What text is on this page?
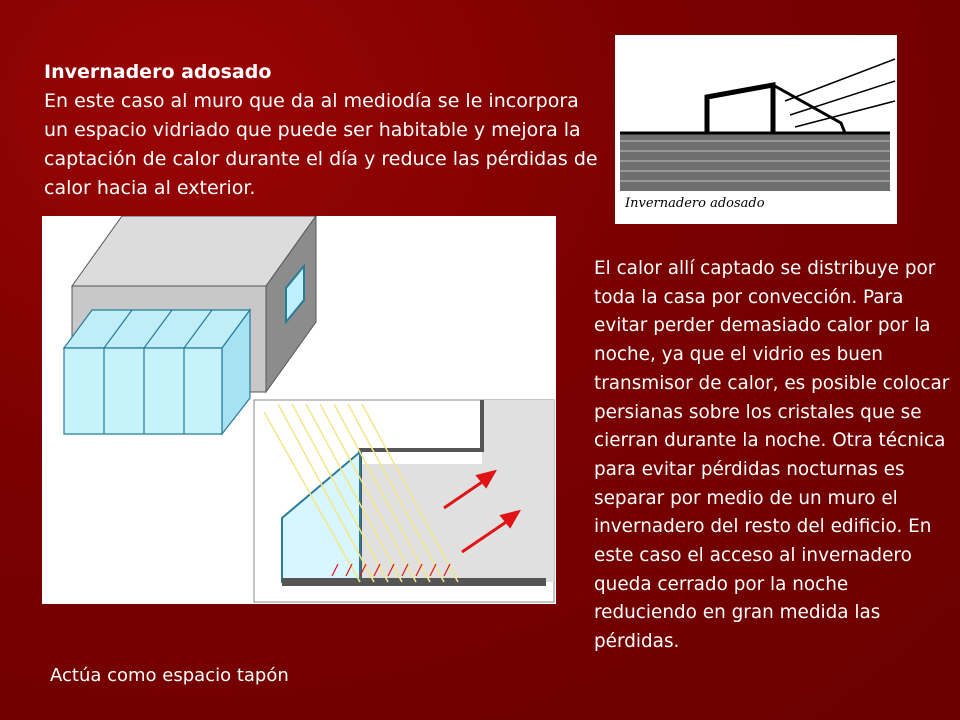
Invernadero adosado
En este caso al muro que da al mediodía se le incorpora un espacio vidriado que puede ser habitable y mejora la captación de calor durante el día y reduce las pérdidas de calor hacia al exterior.
Invernadero adosado
El calor allí captado se distribuye por toda la casa por convección. Para evitar perder demasiado calor por la noche, ya que el vidrio es buen transmisor de calor, es posible colocar persianas sobre los cristales que se cierran durante la noche. Otra técnica para evitar pérdidas nocturnas es separar por medio de un muro el invernadero del resto del edificio. En este caso el acceso al invernadero queda cerrado por la noche reduciendo en gran medida las pérdidas.
Actúa como espacio tapón
